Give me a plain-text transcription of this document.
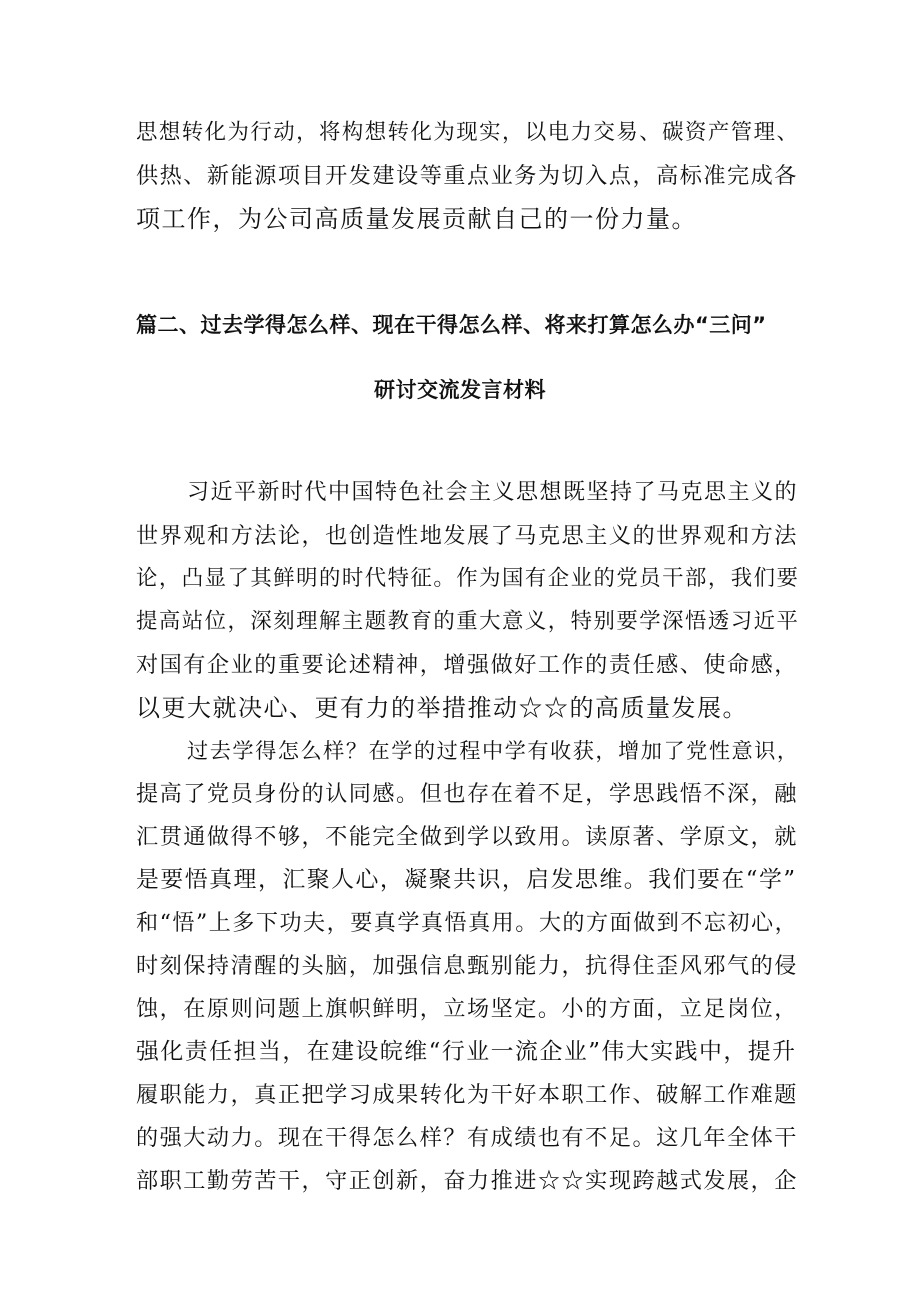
思想转化为行动，将构想转化为现实，以电力交易、碳资产管理、
供热、新能源项目开发建设等重点业务为切入点，高标准完成各
项工作，为公司高质量发展贡献自己的一份力量。
篇二、过去学得怎么样、现在干得怎么样、将来打算怎么办“三问”
研讨交流发言材料
习近平新时代中国特色社会主义思想既坚持了马克思主义的
世界观和方法论，也创造性地发展了马克思主义的世界观和方法
论，凸显了其鲜明的时代特征。作为国有企业的党员干部，我们要
提高站位，深刻理解主题教育的重大意义，特别要学深悟透习近平
对国有企业的重要论述精神，增强做好工作的责任感、使命感，
以更大就决心、更有力的举措推动☆☆的高质量发展。
过去学得怎么样？在学的过程中学有收获，增加了党性意识，
提高了党员身份的认同感。但也存在着不足，学思践悟不深，融
汇贯通做得不够，不能完全做到学以致用。读原著、学原文，就
是要悟真理，汇聚人心，凝聚共识，启发思维。我们要在“学”
和“悟”上多下功夫，要真学真悟真用。大的方面做到不忘初心，
时刻保持清醒的头脑，加强信息甄别能力，抗得住歪风邪气的侵
蚀，在原则问题上旗帜鲜明，立场坚定。小的方面，立足岗位，
强化责任担当，在建设皖维“行业一流企业”伟大实践中，提升
履职能力，真正把学习成果转化为干好本职工作、破解工作难题
的强大动力。现在干得怎么样？有成绩也有不足。这几年全体干
部职工勤劳苦干，守正创新，奋力推进☆☆实现跨越式发展，企
